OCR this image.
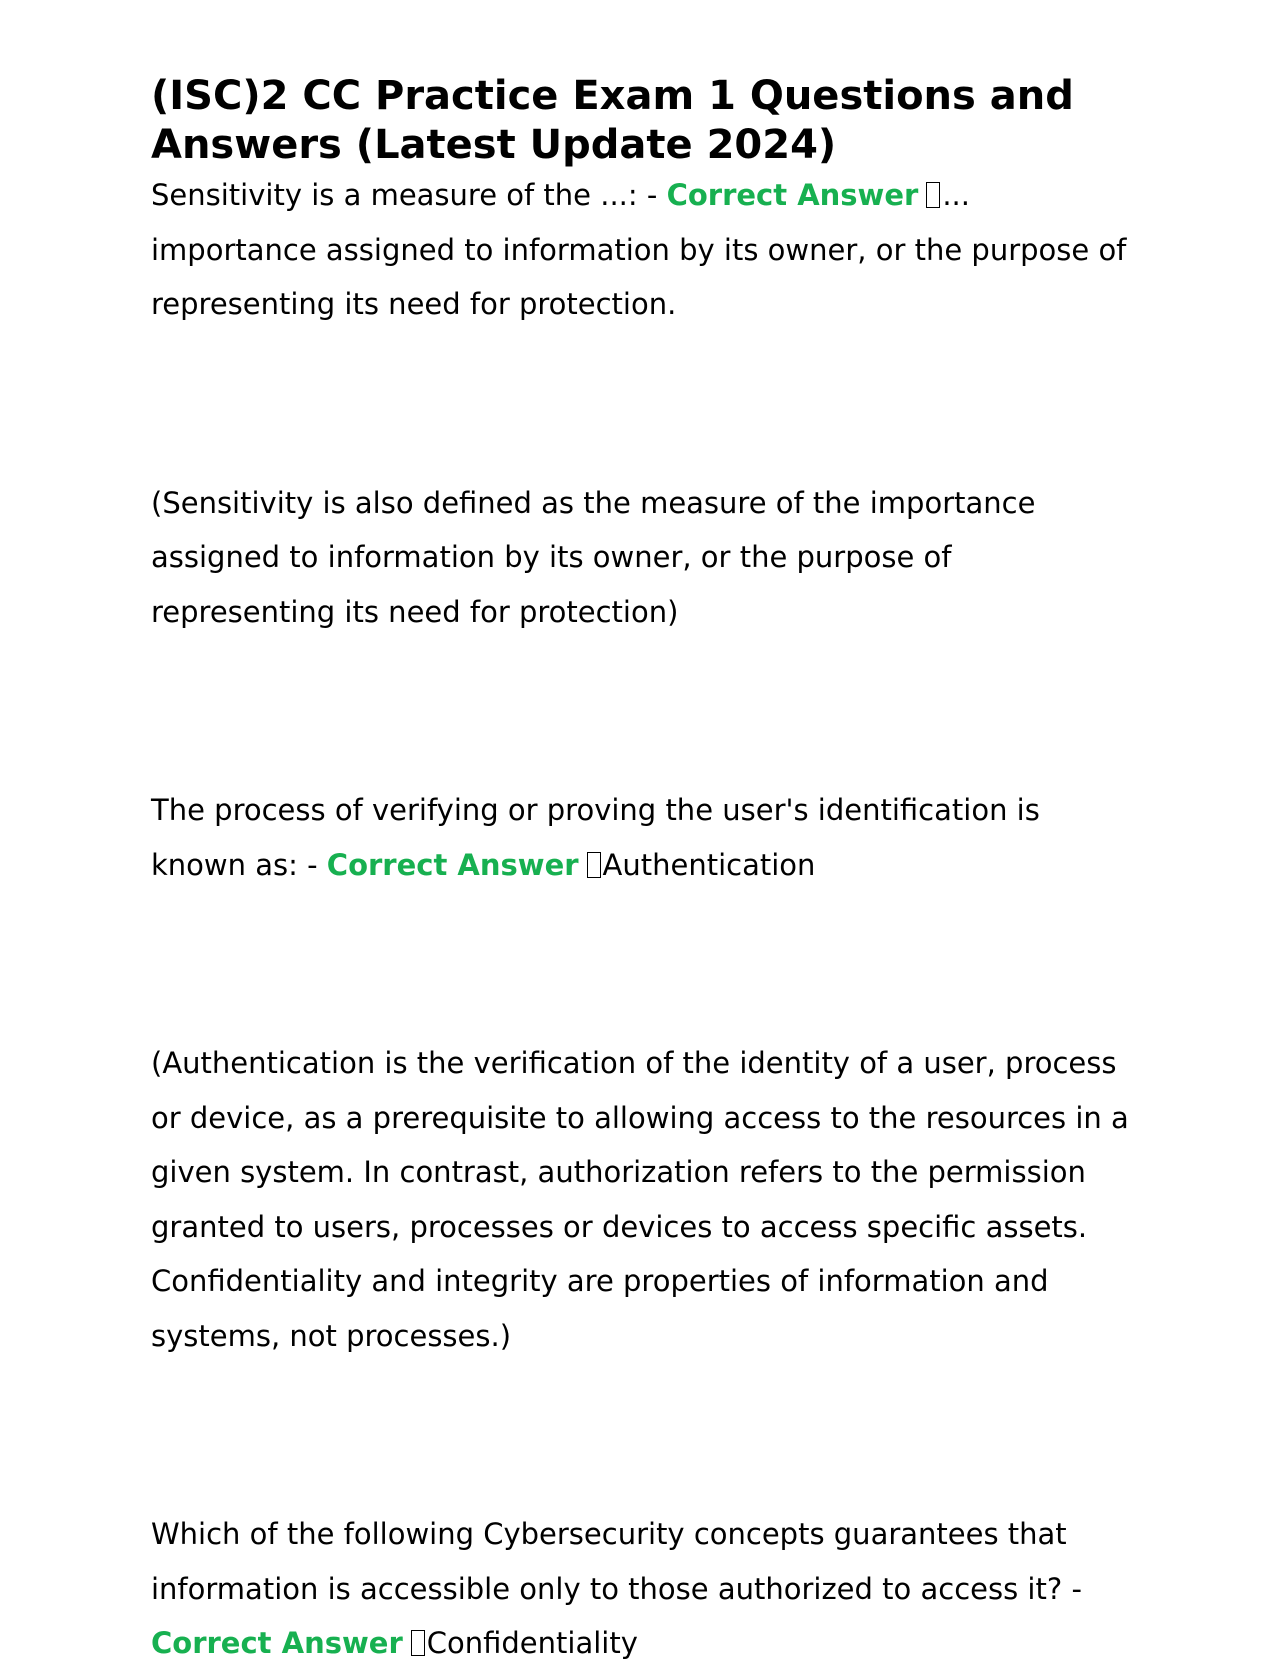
(ISC)2 CC Practice Exam 1 Questions and Answers (Latest Update 2024)

Sensitivity is a measure of the ...: - Correct Answer ... importance assigned to information by its owner, or the purpose of representing its need for protection.

(Sensitivity is also defined as the measure of the importance assigned to information by its owner, or the purpose of representing its need for protection)

The process of verifying or proving the user's identification is known as: - Correct Answer Authentication

(Authentication is the verification of the identity of a user, process or device, as a prerequisite to allowing access to the resources in a given system. In contrast, authorization refers to the permission granted to users, processes or devices to access specific assets. Confidentiality and integrity are properties of information and systems, not processes.)

Which of the following Cybersecurity concepts guarantees that information is accessible only to those authorized to access it? - Correct Answer Confidentiality
